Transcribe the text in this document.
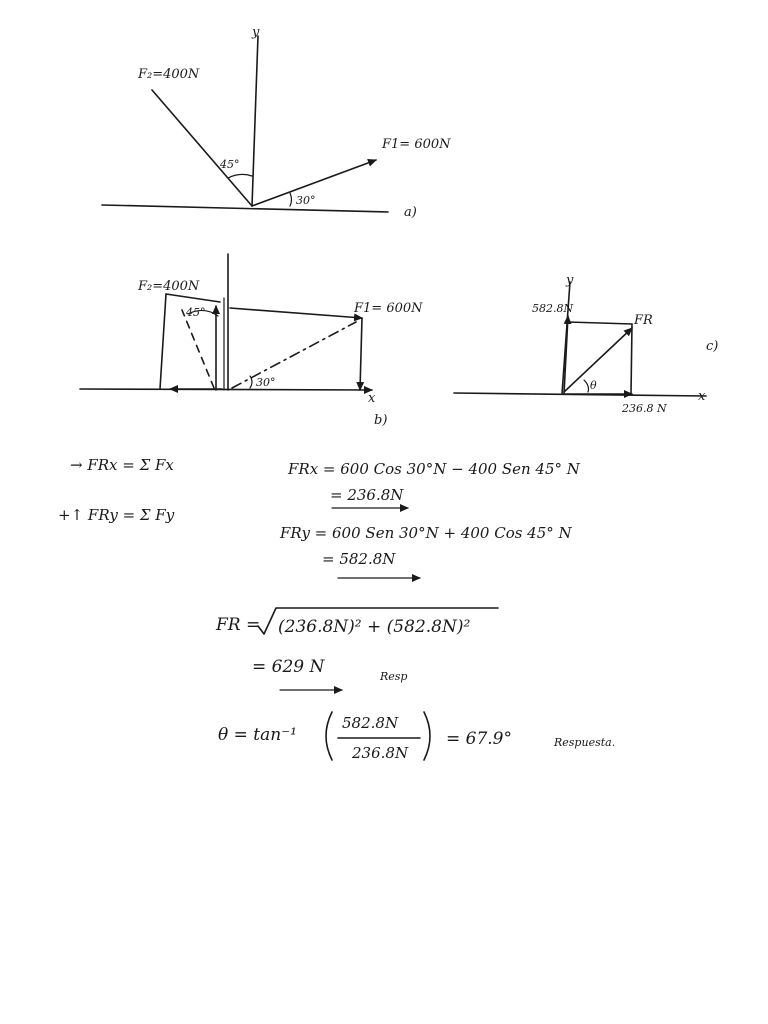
y
45°
30°
F₂=400N
F1= 600N
a)
x
45°
30°
F₂=400N
F1= 600N
b)
x
y
θ
582.8N
236.8 N
FR
c)
→ FRx = Σ Fx
+↑ FRy = Σ Fy
FRx = 600 Cos 30°N − 400 Sen 45° N
= 236.8N
FRy = 600 Sen 30°N + 400 Cos 45° N
= 582.8N
FR = (236.8N)² + (582.8N)²
= 629 N	Resp
θ = tan⁻¹
582.8N
236.8N
= 67.9°	Respuesta.
